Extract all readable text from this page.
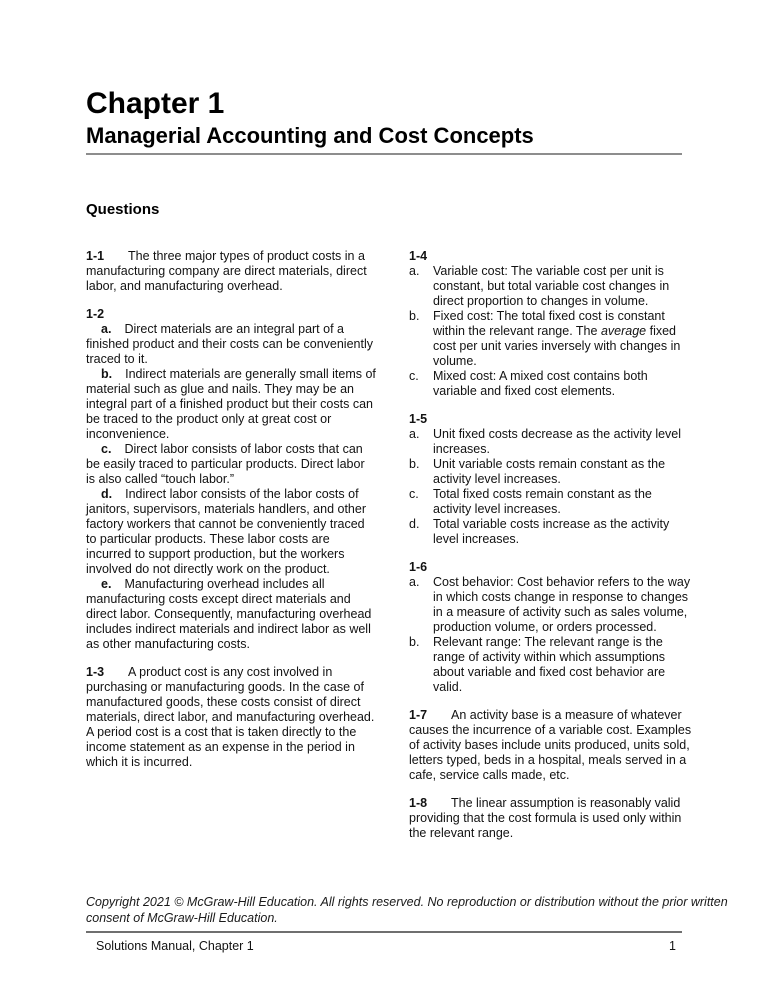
Chapter 1
Managerial Accounting and Cost Concepts
Questions

1-1 The three major types of product costs in a manufacturing company are direct materials, direct labor, and manufacturing overhead.

1-2

a. Direct materials are an integral part of a finished product and their costs can be conveniently traced to it.

b. Indirect materials are generally small items of material such as glue and nails. They may be an integral part of a finished product but their costs can be traced to the product only at great cost or inconvenience.

c. Direct labor consists of labor costs that can be easily traced to particular products. Direct labor is also called “touch labor.”

d. Indirect labor consists of the labor costs of janitors, supervisors, materials handlers, and other factory workers that cannot be conveniently traced to particular products. These labor costs are incurred to support production, but the workers involved do not directly work on the product.

e. Manufacturing overhead includes all manufacturing costs except direct materials and direct labor. Consequently, manufacturing overhead includes indirect materials and indirect labor as well as other manufacturing costs.

1-3 A product cost is any cost involved in purchasing or manufacturing goods. In the case of manufactured goods, these costs consist of direct materials, direct labor, and manufacturing overhead. A period cost is a cost that is taken directly to the income statement as an expense in the period in which it is incurred.

1-4

a.	Variable cost: The variable cost per unit is constant, but total variable cost changes in direct proportion to changes in volume.
b.	Fixed cost: The total fixed cost is constant within the relevant range. The average fixed cost per unit varies inversely with changes in volume.
c.	Mixed cost: A mixed cost contains both variable and fixed cost elements.

1-5

a.	Unit fixed costs decrease as the activity level increases.
b.	Unit variable costs remain constant as the activity level increases.
c.	Total fixed costs remain constant as the activity level increases.
d.	Total variable costs increase as the activity level increases.

1-6

a.	Cost behavior: Cost behavior refers to the way in which costs change in response to changes in a measure of activity such as sales volume, production volume, or orders processed.
b.	Relevant range: The relevant range is the range of activity within which assumptions about variable and fixed cost behavior are valid.

1-7 An activity base is a measure of whatever causes the incurrence of a variable cost. Examples of activity bases include units produced, units sold, letters typed, beds in a hospital, meals served in a cafe, service calls made, etc.

1-8 The linear assumption is reasonably valid providing that the cost formula is used only within the relevant range.

Copyright 2021 © McGraw-Hill Education. All rights reserved. No reproduction or distribution without the prior written consent of McGraw-Hill Education.

Solutions Manual, Chapter 1	1
